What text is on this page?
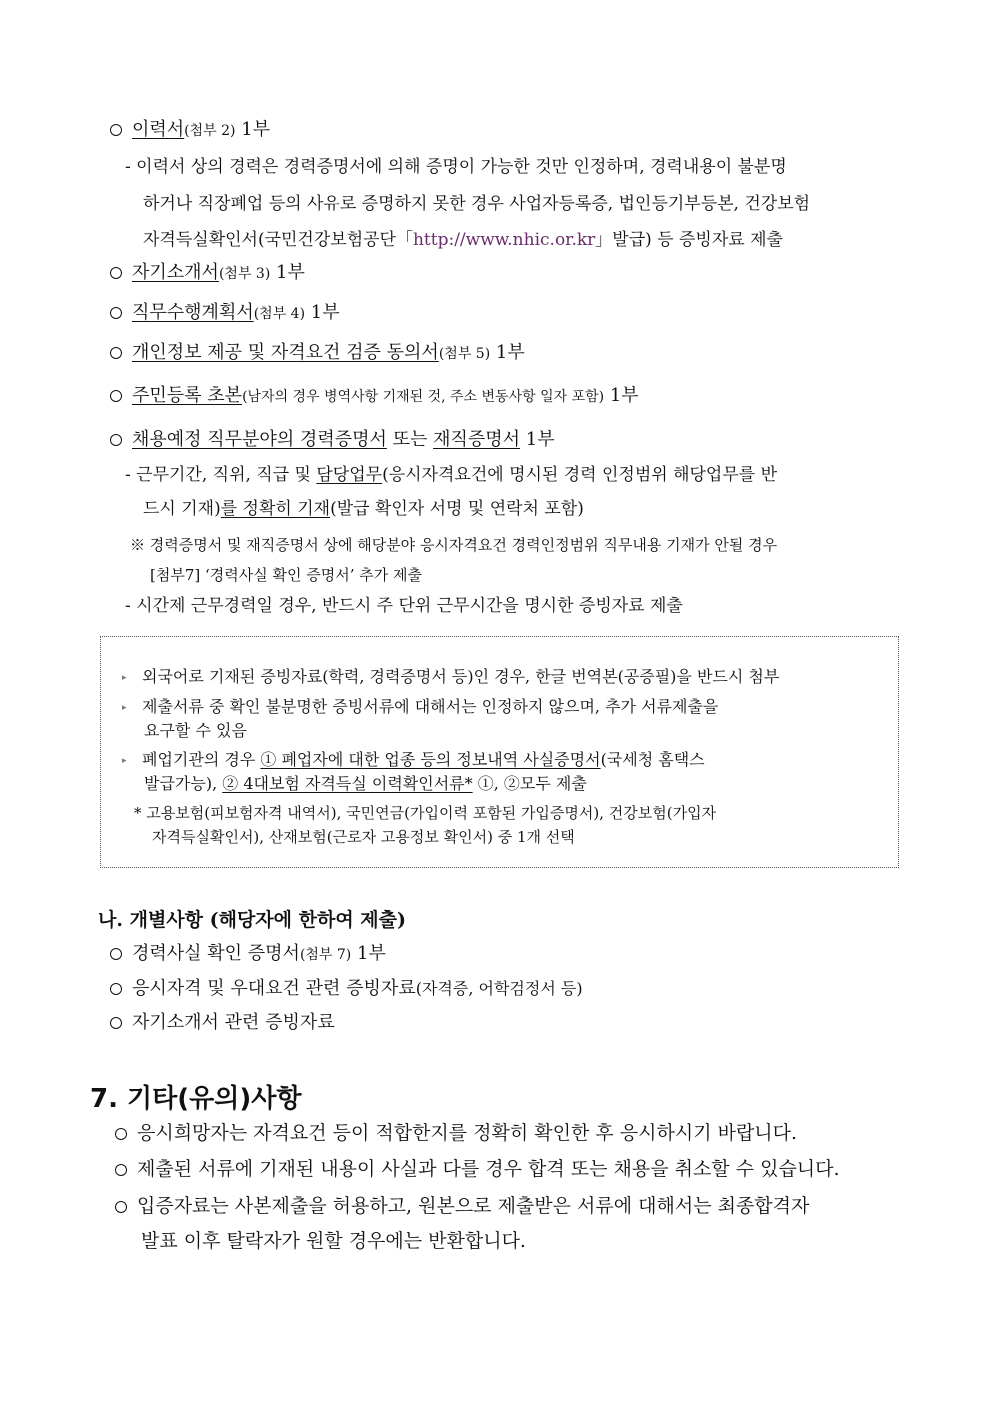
이력서(첨부 2) 1부
- 이력서 상의 경력은 경력증명서에 의해 증명이 가능한 것만 인정하며, 경력내용이 불분명
하거나 직장폐업 등의 사유로 증명하지 못한 경우 사업자등록증, 법인등기부등본, 건강보험
자격득실확인서(국민건강보험공단「http://www.nhic.or.kr」발급) 등 증빙자료 제출
자기소개서(첨부 3) 1부
직무수행계획서(첨부 4) 1부
개인정보 제공 및 자격요건 검증 동의서(첨부 5) 1부
주민등록 초본(남자의 경우 병역사항 기재된 것, 주소 변동사항 일자 포함) 1부
채용예정 직무분야의 경력증명서 또는 재직증명서 1부
- 근무기간, 직위, 직급 및 담당업무(응시자격요건에 명시된 경력 인정범위 해당업무를 반
드시 기재)를 정확히 기재(발급 확인자 서명 및 연락처 포함)
※ 경력증명서 및 재직증명서 상에 해당분야 응시자격요건 경력인정범위 직무내용 기재가 안될 경우
[첨부7] ‘경력사실 확인 증명서’ 추가 제출
- 시간제 근무경력일 경우, 반드시 주 단위 근무시간을 명시한 증빙자료 제출
▸ 외국어로 기재된 증빙자료(학력, 경력증명서 등)인 경우, 한글 번역본(공증필)을 반드시 첨부
▸ 제출서류 중 확인 불분명한 증빙서류에 대해서는 인정하지 않으며, 추가 서류제출을
요구할 수 있음
▸ 폐업기관의 경우 ① 폐업자에 대한 업종 등의 정보내역 사실증명서(국세청 홈택스
발급가능), ② 4대보험 자격득실 이력확인서류* ①, ②모두 제출
* 고용보험(피보험자격 내역서), 국민연금(가입이력 포함된 가입증명서), 건강보험(가입자
자격득실확인서), 산재보험(근로자 고용정보 확인서) 중 1개 선택
나. 개별사항 (해당자에 한하여 제출)
경력사실 확인 증명서(첨부 7) 1부
응시자격 및 우대요건 관련 증빙자료(자격증, 어학검정서 등)
자기소개서 관련 증빙자료
7. 기타(유의)사항
응시희망자는 자격요건 등이 적합한지를 정확히 확인한 후 응시하시기 바랍니다.
제출된 서류에 기재된 내용이 사실과 다를 경우 합격 또는 채용을 취소할 수 있습니다.
입증자료는 사본제출을 허용하고, 원본으로 제출받은 서류에 대해서는 최종합격자
발표 이후 탈락자가 원할 경우에는 반환합니다.
